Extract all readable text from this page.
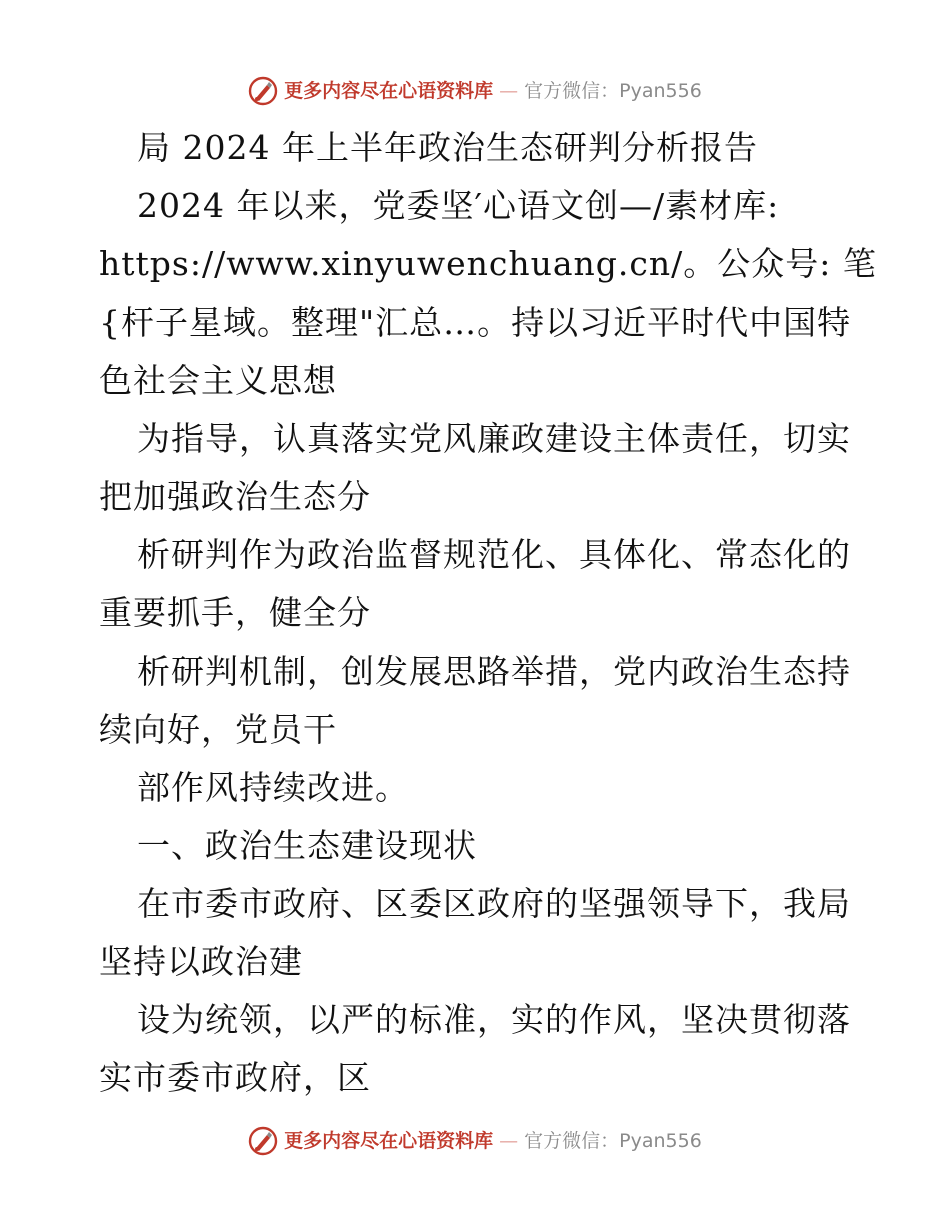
更多内容尽在心语资料库 — 官方微信：Pyan556
局 2024 年上半年政治生态研判分析报告
2024 年以来，党委坚′心语文创—/素材库:
https://www.xinyuwenchuang.cn/。公众号: 笔
{杆子星域。整理"汇总…。持以习近平时代中国特
色社会主义思想
为指导，认真落实党风廉政建设主体责任，切实
把加强政治生态分
析研判作为政治监督规范化、具体化、常态化的
重要抓手，健全分
析研判机制，创发展思路举措，党内政治生态持
续向好，党员干
部作风持续改进。
一、政治生态建设现状
在市委市政府、区委区政府的坚强领导下，我局
坚持以政治建
设为统领，以严的标准，实的作风，坚决贯彻落
实市委市政府，区
更多内容尽在心语资料库 — 官方微信：Pyan556
